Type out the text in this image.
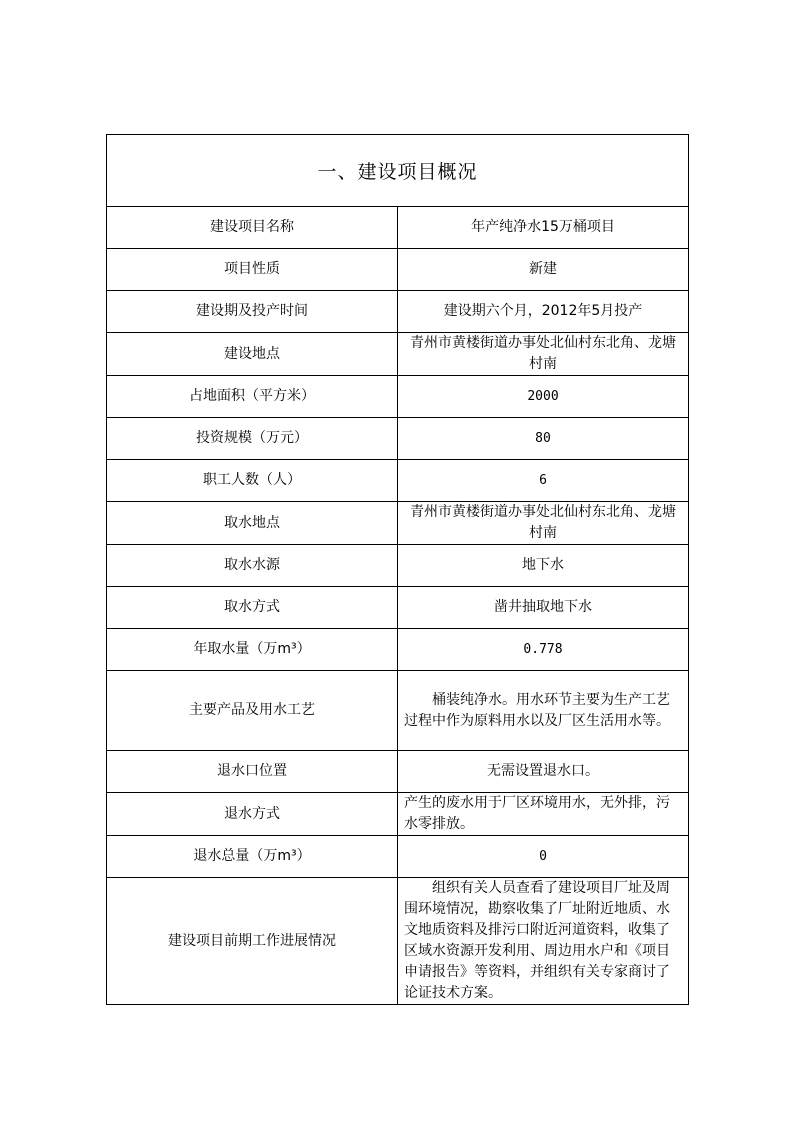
一、建设项目概况	
建设项目名称	年产纯净水15万桶项目
项目性质	新建
建设期及投产时间	建设期六个月，2012年5月投产
建设地点	青州市黄楼街道办事处北仙村东北角、龙塘村南
占地面积（平方米）	2000
投资规模（万元）	80
职工人数（人）	6
取水地点	青州市黄楼街道办事处北仙村东北角、龙塘村南
取水水源	地下水
取水方式	凿井抽取地下水
年取水量（万m³）	0.778
主要产品及用水工艺	桶装纯净水。用水环节主要为生产工艺过程中作为原料用水以及厂区生活用水等。
退水口位置	无需设置退水口。
退水方式	产生的废水用于厂区环境用水，无外排，污水零排放。
退水总量（万m³）	0
建设项目前期工作进展情况	组织有关人员查看了建设项目厂址及周围环境情况，勘察收集了厂址附近地质、水文地质资料及排污口附近河道资料，收集了区域水资源开发利用、周边用水户和《项目申请报告》等资料，并组织有关专家商讨了论证技术方案。
